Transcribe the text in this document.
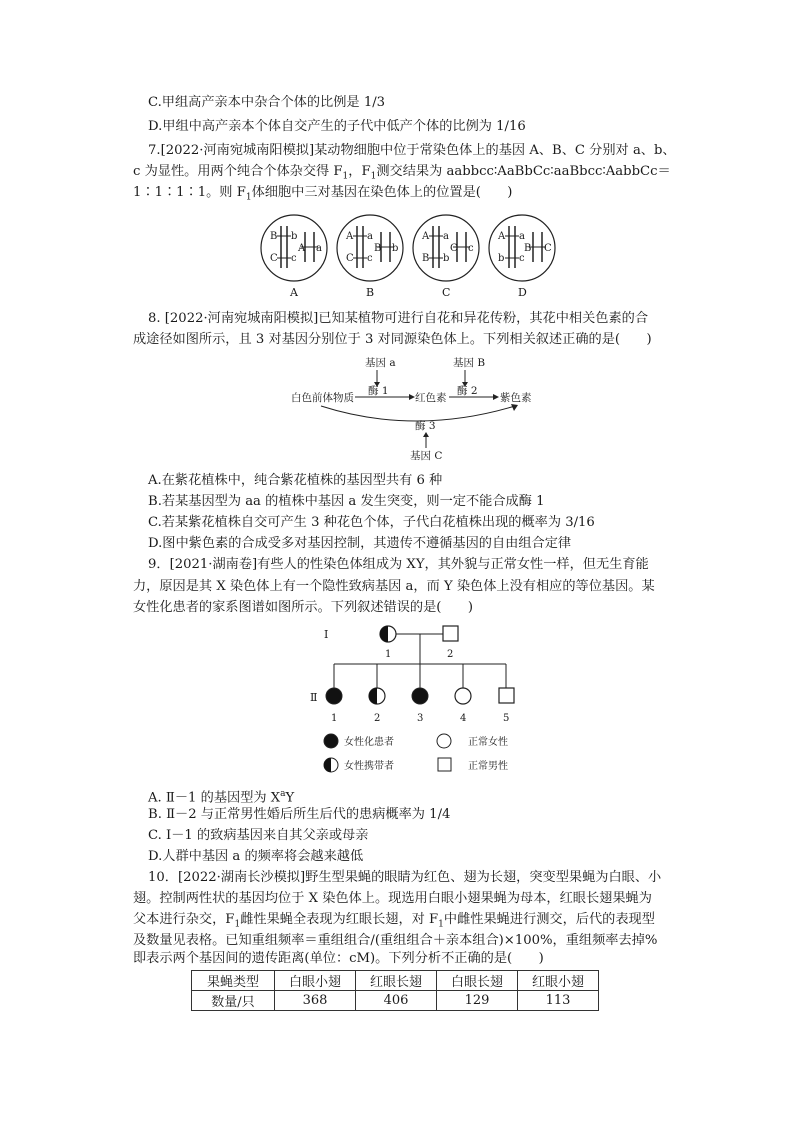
C.甲组高产亲本中杂合个体的比例是 1/3
D.甲组中高产亲本个体自交产生的子代中低产个体的比例为 1/16
7.[2022·河南宛城南阳模拟]某动物细胞中位于常染色体上的基因 A、B、C 分别对 a、b、
c 为显性。用两个纯合个体杂交得 $F_1$，$F_1$测交结果为 aabbcc∶AaBbCc∶aaBbcc∶AabbCc＝
1∶1∶1∶1。则 $F_1$体细胞中三对基因在染色体上的位置是(　　)
B
C
b
c
A a
A
A
C
a
c
B b
B
A
B
a
b
C c
C
A a
b c
B C
D
8. [2022·河南宛城南阳模拟]已知某植物可进行自花和异花传粉，其花中相关色素的合
成途径如图所示，且 3 对基因分别位于 3 对同源染色体上。下列相关叙述正确的是(　　)
基因 a	基因 B
酶 1	酶 2
白色前体物质	红色素	紫色素
酶 3
基因 C
A.在紫花植株中，纯合紫花植株的基因型共有 6 种
B.若某基因型为 aa 的植株中基因 a 发生突变，则一定不能合成酶 1
C.若某紫花植株自交可产生 3 种花色个体，子代白花植株出现的概率为 3/16
D.图中紫色素的合成受多对基因控制，其遗传不遵循基因的自由组合定律
9．[2021·湖南卷]有些人的性染色体组成为 XY，其外貌与正常女性一样，但无生育能
力，原因是其 X 染色体上有一个隐性致病基因 a，而 Y 染色体上没有相应的等位基因。某
女性化患者的家系图谱如图所示。下列叙述错误的是(　　)
Ⅰ
1	2
Ⅱ
1	2	3	4	5
女性化患者	正常女性
女性携带者	正常男性
A. Ⅱ－1 的基因型为 $X^aY$
B. Ⅱ－2 与正常男性婚后所生后代的患病概率为 1/4
C. Ⅰ－1 的致病基因来自其父亲或母亲
D.人群中基因 a 的频率将会越来越低
10．[2022·湖南长沙模拟]野生型果蝇的眼睛为红色、翅为长翅，突变型果蝇为白眼、小
翅。控制两性状的基因均位于 X 染色体上。现选用白眼小翅果蝇为母本，红眼长翅果蝇为
父本进行杂交，$F_1$雌性果蝇全表现为红眼长翅，对 $F_1$中雌性果蝇进行测交，后代的表现型
及数量见表格。已知重组频率＝重组组合/(重组组合＋亲本组合)×100%，重组频率去掉%
即表示两个基因间的遗传距离(单位：cM)。下列分析不正确的是(　　)
果蝇类型	白眼小翅	红眼长翅	白眼长翅	红眼小翅
数量/只	368	406	129	113
